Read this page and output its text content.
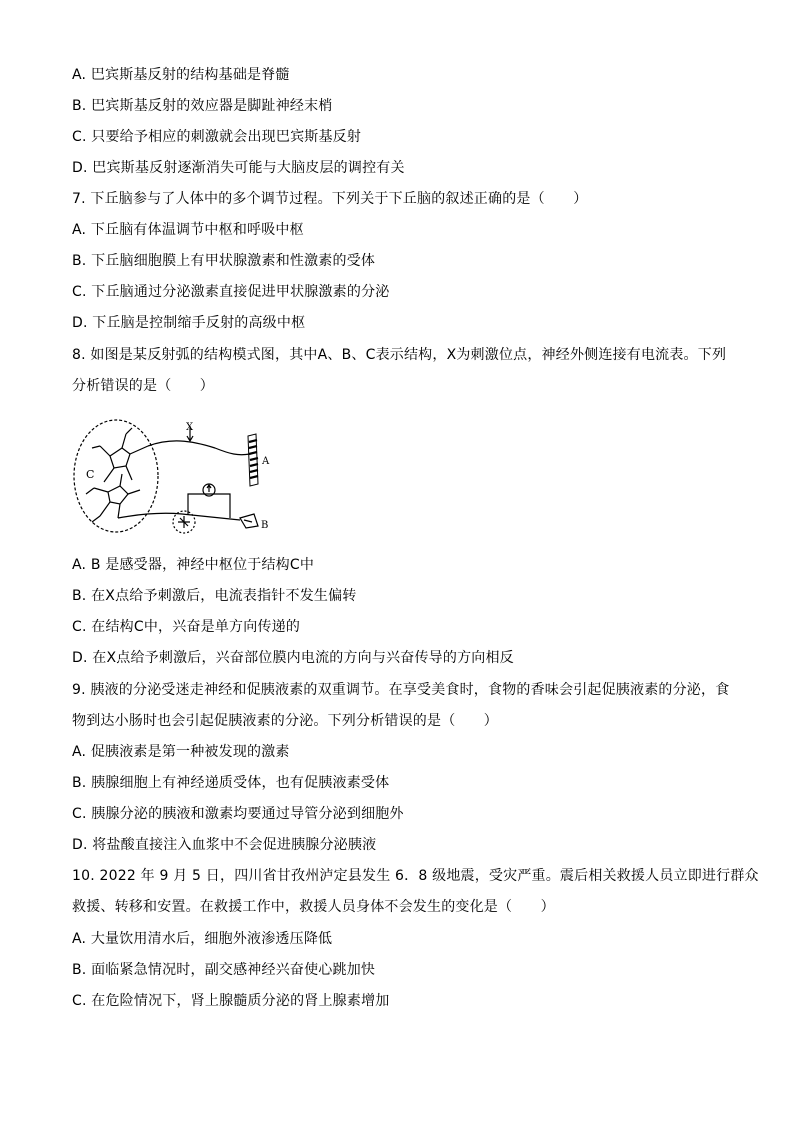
A. 巴宾斯基反射的结构基础是脊髓
B. 巴宾斯基反射的效应器是脚趾神经末梢
C. 只要给予相应的刺激就会出现巴宾斯基反射
D. 巴宾斯基反射逐渐消失可能与大脑皮层的调控有关
7. 下丘脑参与了人体中的多个调节过程。下列关于下丘脑的叙述正确的是（　　）
A. 下丘脑有体温调节中枢和呼吸中枢
B. 下丘脑细胞膜上有甲状腺激素和性激素的受体
C. 下丘脑通过分泌激素直接促进甲状腺激素的分泌
D. 下丘脑是控制缩手反射的高级中枢
8. 如图是某反射弧的结构模式图，其中A、B、C表示结构，X为刺激位点，神经外侧连接有电流表。下列
分析错误的是（　　）
X
A
B
C
A. B 是感受器，神经中枢位于结构C中
B. 在X点给予刺激后，电流表指针不发生偏转
C. 在结构C中，兴奋是单方向传递的
D. 在X点给予刺激后，兴奋部位膜内电流的方向与兴奋传导的方向相反
9. 胰液的分泌受迷走神经和促胰液素的双重调节。在享受美食时，食物的香味会引起促胰液素的分泌，食
物到达小肠时也会引起促胰液素的分泌。下列分析错误的是（　　）
A. 促胰液素是第一种被发现的激素
B. 胰腺细胞上有神经递质受体，也有促胰液素受体
C. 胰腺分泌的胰液和激素均要通过导管分泌到细胞外
D. 将盐酸直接注入血浆中不会促进胰腺分泌胰液
10. 2022 年 9 月 5 日，四川省甘孜州泸定县发生 6．8 级地震，受灾严重。震后相关救援人员立即进行群众
救援、转移和安置。在救援工作中，救援人员身体不会发生的变化是（　　）
A. 大量饮用清水后，细胞外液渗透压降低
B. 面临紧急情况时，副交感神经兴奋使心跳加快
C. 在危险情况下，肾上腺髓质分泌的肾上腺素增加
